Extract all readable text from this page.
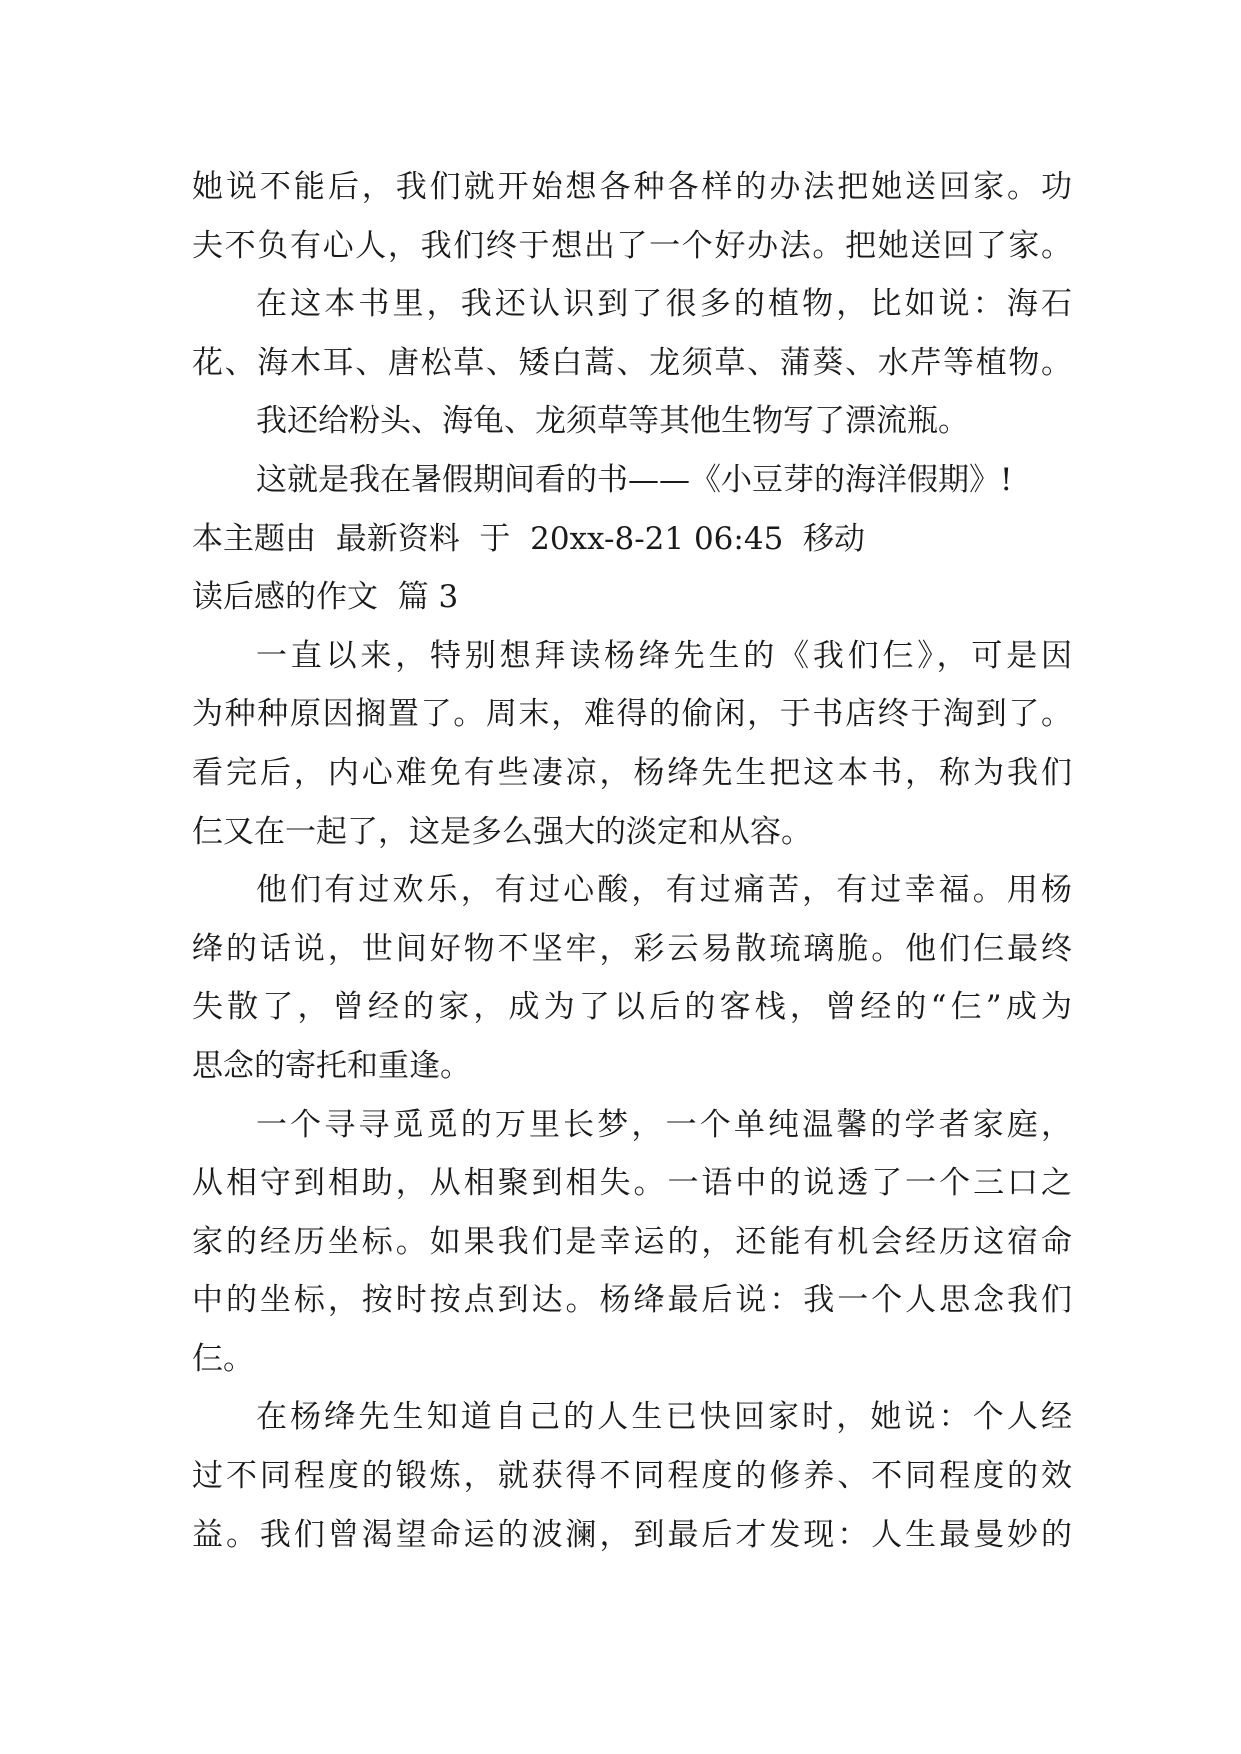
她说不能后，我们就开始想各种各样的办法把她送回家。功
夫不负有心人，我们终于想出了一个好办法。把她送回了家。
在这本书里，我还认识到了很多的植物，比如说：海石
花、海木耳、唐松草、矮白蒿、龙须草、蒲葵、水芹等植物。
我还给粉头、海龟、龙须草等其他生物写了漂流瓶。
这就是我在暑假期间看的书——《小豆芽的海洋假期》!
本主题由  最新资料  于  20xx-8-21 06:45  移动
读后感的作文  篇 3
一直以来，特别想拜读杨绛先生的《我们仨》，可是因
为种种原因搁置了。周末，难得的偷闲，于书店终于淘到了。
看完后，内心难免有些凄凉，杨绛先生把这本书，称为我们
仨又在一起了，这是多么强大的淡定和从容。
他们有过欢乐，有过心酸，有过痛苦，有过幸福。用杨
绛的话说，世间好物不坚牢，彩云易散琉璃脆。他们仨最终
失散了，曾经的家，成为了以后的客栈，曾经的“仨”成为
思念的寄托和重逢。
一个寻寻觅觅的万里长梦，一个单纯温馨的学者家庭，
从相守到相助，从相聚到相失。一语中的说透了一个三口之
家的经历坐标。如果我们是幸运的，还能有机会经历这宿命
中的坐标，按时按点到达。杨绛最后说：我一个人思念我们
仨。
在杨绛先生知道自己的人生已快回家时，她说：个人经
过不同程度的锻炼，就获得不同程度的修养、不同程度的效
益。我们曾渴望命运的波澜，到最后才发现：人生最曼妙的
